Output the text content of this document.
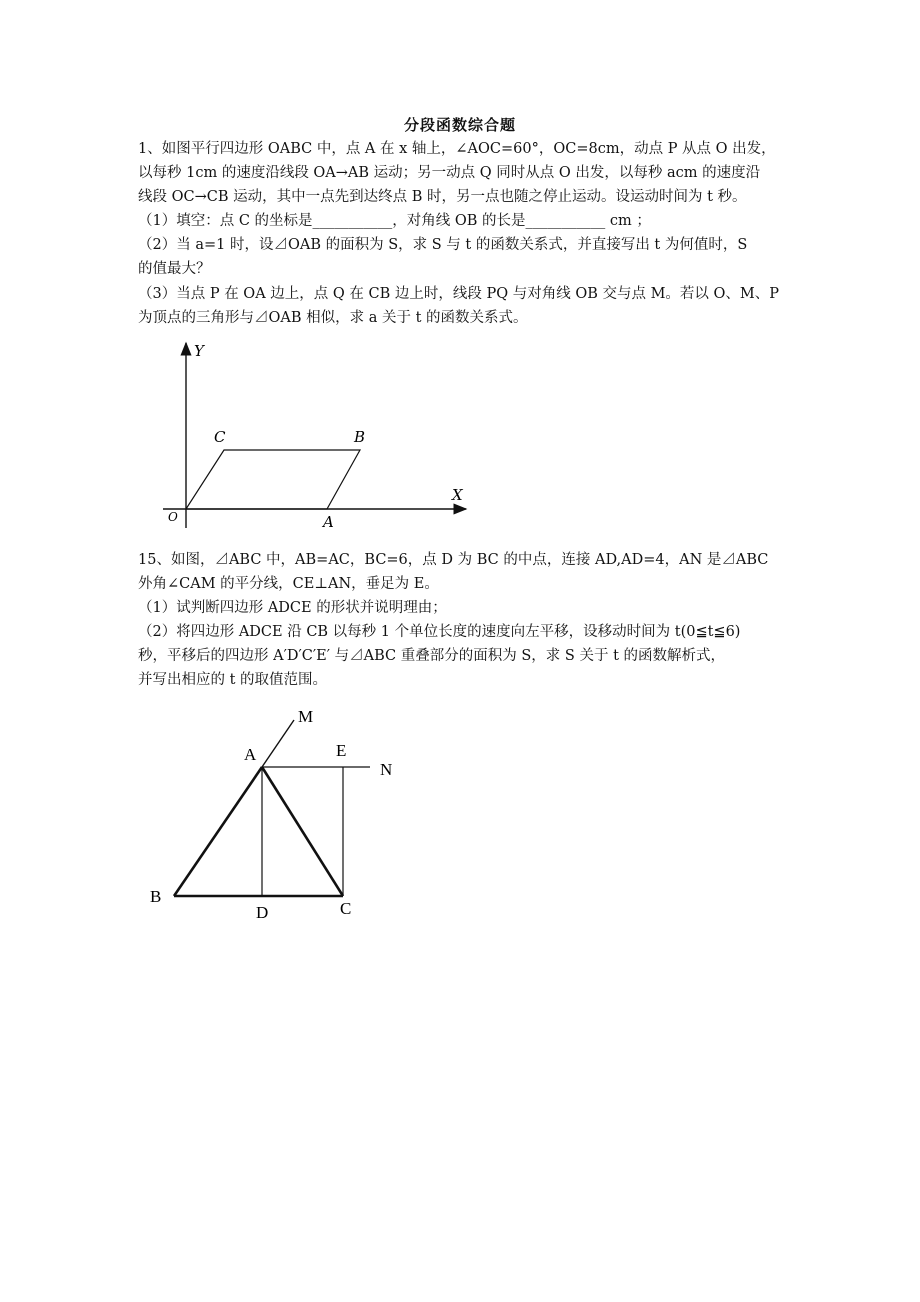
分段函数综合题
1、如图平行四边形 OABC 中，点 A 在 x 轴上，∠AOC=60°，OC=8cm，动点 P 从点 O 出发，
以每秒 1cm 的速度沿线段 OA→AB 运动；另一动点 Q 同时从点 O 出发，以每秒 acm 的速度沿
线段 OC→CB 运动，其中一点先到达终点 B 时，另一点也随之停止运动。设运动时间为 t 秒。
（1）填空：点 C 的坐标是___________，对角线 OB 的长是___________ cm ；
（2）当 a=1 时，设⊿OAB 的面积为 S，求 S 与 t 的函数关系式，并直接写出 t 为何值时，S
的值最大？
（3）当点 P 在 OA 边上，点 Q 在 CB 边上时，线段 PQ 与对角线 OB 交与点 M。若以 O、M、P
为顶点的三角形与⊿OAB 相似，求 a 关于 t 的函数关系式。
Y
X
O	A
B
C
15、如图，⊿ABC 中，AB=AC，BC=6，点 D 为 BC 的中点，连接 AD,AD=4，AN 是⊿ABC
外角∠CAM 的平分线，CE⊥AN，垂足为 E。
（1）试判断四边形 ADCE 的形状并说明理由；
（2）将四边形 ADCE 沿 CB 以每秒 1 个单位长度的速度向左平移，设移动时间为 t(0≦t≦6)
秒，平移后的四边形 A′D′C′E′ 与⊿ABC 重叠部分的面积为 S，求 S 关于 t 的函数解析式，
并写出相应的 t 的取值范围。
M
A	E
N
B
D	C
